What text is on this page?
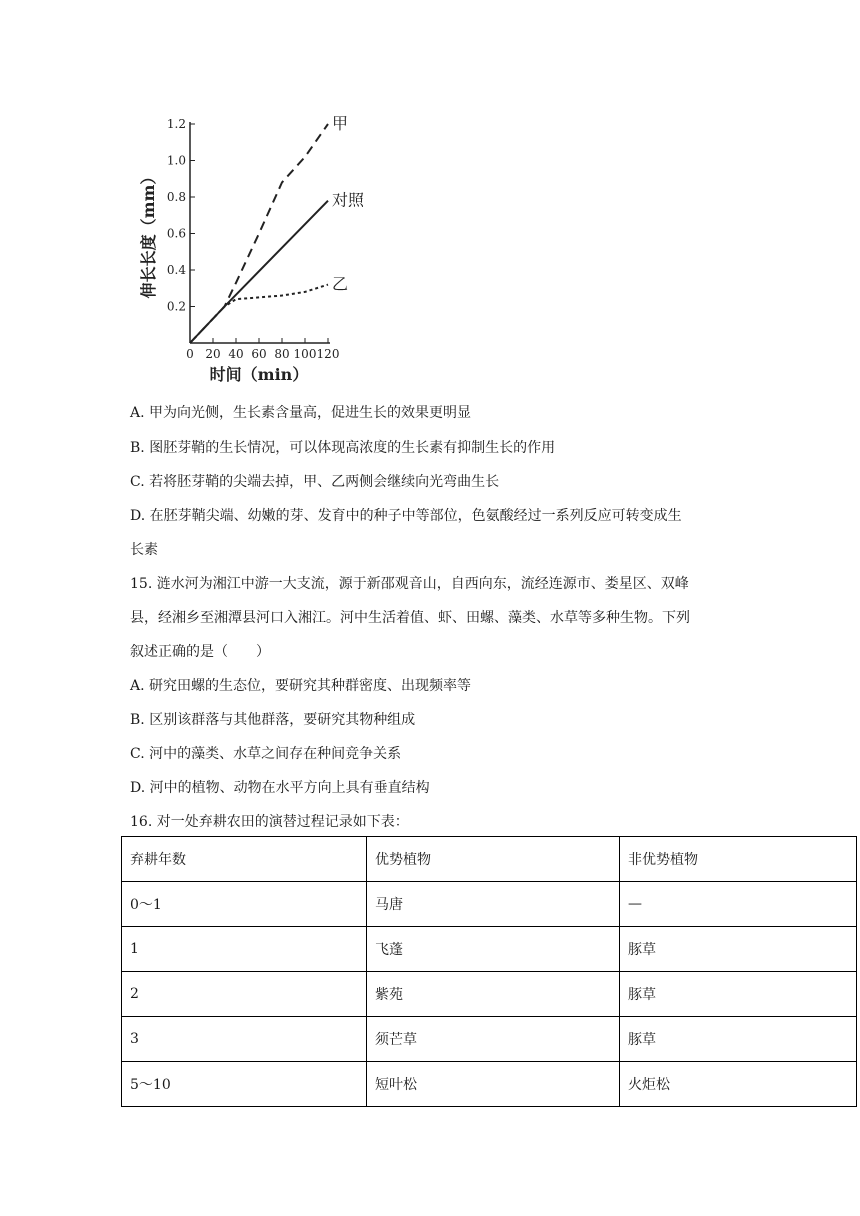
0.2
0.4
0.6
0.8
1.0
1.2
0 20 40 60 80 100 120
时间（min）
伸长长度（mm）
甲
对照
乙
A. 甲为向光侧，生长素含量高，促进生长的效果更明显
B. 图胚芽鞘的生长情况，可以体现高浓度的生长素有抑制生长的作用
C. 若将胚芽鞘的尖端去掉，甲、乙两侧会继续向光弯曲生长
D. 在胚芽鞘尖端、幼嫩的芽、发育中的种子中等部位，色氨酸经过一系列反应可转变成生
长素
15. 涟水河为湘江中游一大支流，源于新邵观音山，自西向东，流经连源市、娄星区、双峰
县，经湘乡至湘潭县河口入湘江。河中生活着值、虾、田螺、藻类、水草等多种生物。下列
叙述正确的是（　　）
A. 研究田螺的生态位，要研究其种群密度、出现频率等
B. 区别该群落与其他群落，要研究其物种组成
C. 河中的藻类、水草之间存在种间竞争关系
D. 河中的植物、动物在水平方向上具有垂直结构
16. 对一处弃耕农田的演替过程记录如下表：
弃耕年数	优势植物	非优势植物
0～1	马唐	—
1	飞蓬	豚草
2	紫苑	豚草
3	须芒草	豚草
5～10	短叶松	火炬松
